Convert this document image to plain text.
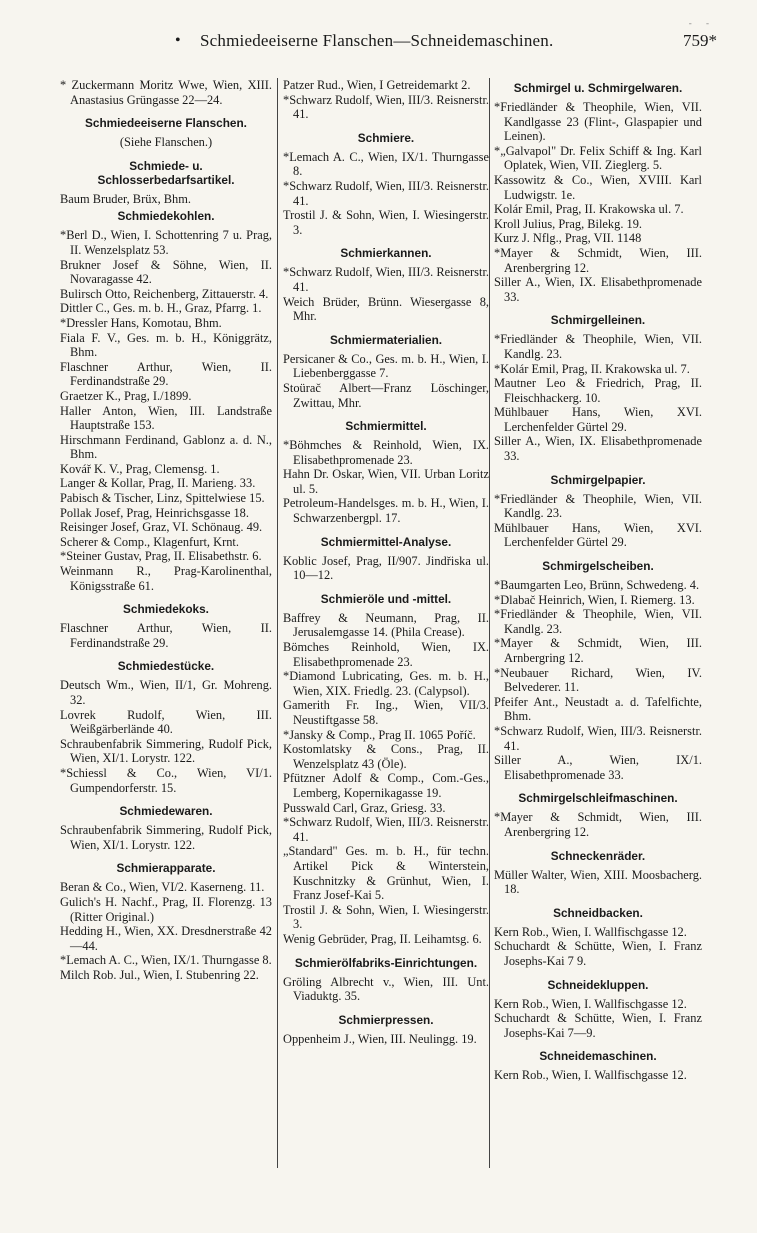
- -
• Schmiedeeiserne Flanschen—Schneidemaschinen.	759*
* Zuckermann Moritz Wwe, Wien, XIII. Anastasius Grüngasse 22—24.
Schmiedeeiserne Flanschen.
(Siehe Flanschen.)
Schmiede- u. Schlosserbedarfsartikel.
Baum Bruder, Brüx, Bhm.
Schmiedekohlen.
*Berl D., Wien, I. Schottenring 7 u. Prag, II. Wenzelsplatz 53.
Brukner Josef & Söhne, Wien, II. Novaragasse 42.
Bulirsch Otto, Reichenberg, Zittauerstr. 4.
Dittler C., Ges. m. b. H., Graz, Pfarrg. 1.
*Dressler Hans, Komotau, Bhm.
Fiala F. V., Ges. m. b. H., Königgrätz, Bhm.
Flaschner Arthur, Wien, II. Ferdinandstraße 29.
Graetzer K., Prag, I./1899.
Haller Anton, Wien, III. Landstraße Hauptstraße 153.
Hirschmann Ferdinand, Gablonz a. d. N., Bhm.
Kovář K. V., Prag, Clemensg. 1.
Langer & Kollar, Prag, II. Marieng. 33.
Pabisch & Tischer, Linz, Spittelwiese 15.
Pollak Josef, Prag, Heinrichsgasse 18.
Reisinger Josef, Graz, VI. Schönaug. 49.
Scherer & Comp., Klagenfurt, Krnt.
*Steiner Gustav, Prag, II. Elisabethstr. 6.
Weinmann R., Prag-Karolinenthal, Königsstraße 61.
Schmiedekoks.
Flaschner Arthur, Wien, II. Ferdinandstraße 29.
Schmiedestücke.
Deutsch Wm., Wien, II/1, Gr. Mohreng. 32.
Lovrek Rudolf, Wien, III. Weißgärberlände 40.
Schraubenfabrik Simmering, Rudolf Pick, Wien, XI/1. Lorystr. 122.
*Schiessl & Co., Wien, VI/1. Gumpendorferstr. 15.
Schmiedewaren.
Schraubenfabrik Simmering, Rudolf Pick, Wien, XI/1. Lorystr. 122.
Schmierapparate.
Beran & Co., Wien, VI/2. Kaserneng. 11.
Gulich's H. Nachf., Prag, II. Florenzg. 13 (Ritter Original.)
Hedding H., Wien, XX. Dresdnerstraße 42—44.
*Lemach A. C., Wien, IX/1. Thurngasse 8.
Milch Rob. Jul., Wien, I. Stubenring 22.
Patzer Rud., Wien, I Getreidemarkt 2.
*Schwarz Rudolf, Wien, III/3. Reisnerstr. 41.
Schmiere.
*Lemach A. C., Wien, IX/1. Thurngasse 8.
*Schwarz Rudolf, Wien, III/3. Reisnerstr. 41.
Trostil J. & Sohn, Wien, I. Wiesingerstr. 3.
Schmierkannen.
*Schwarz Rudolf, Wien, III/3. Reisnerstr. 41.
Weich Brüder, Brünn. Wiesergasse 8, Mhr.
Schmiermaterialien.
Persicaner & Co., Ges. m. b. H., Wien, I. Liebenberggasse 7.
Stoürač Albert—Franz Löschinger, Zwittau, Mhr.
Schmiermittel.
*Böhmches & Reinhold, Wien, IX. Elisabethpromenade 23.
Hahn Dr. Oskar, Wien, VII. Urban Loritz ul. 5.
Petroleum-Handelsges. m. b. H., Wien, I. Schwarzenbergpl. 17.
Schmiermittel-Analyse.
Koblic Josef, Prag, II/907. Jindřiska ul. 10—12.
Schmieröle und -mittel.
Baffrey & Neumann, Prag, II. Jerusalemgasse 14. (Phila Crease).
Bömches Reinhold, Wien, IX. Elisabethpromenade 23.
*Diamond Lubricating, Ges. m. b. H., Wien, XIX. Friedlg. 23. (Calypsol).
Gamerith Fr. Ing., Wien, VII/3. Neustiftgasse 58.
*Jansky & Comp., Prag II. 1065 Poříč.
Kostomlatsky & Cons., Prag, II. Wenzelsplatz 43 (Öle).
Pfützner Adolf & Comp., Com.-Ges., Lemberg, Kopernikagasse 19.
Pusswald Carl, Graz, Griesg. 33.
*Schwarz Rudolf, Wien, III/3. Reisnerstr. 41.
„Standard" Ges. m. b. H., für techn. Artikel Pick & Winterstein, Kuschnitzky & Grünhut, Wien, I. Franz Josef-Kai 5.
Trostil J. & Sohn, Wien, I. Wiesingerstr. 3.
Wenig Gebrüder, Prag, II. Leihamtsg. 6.
Schmierölfabriks-Einrichtungen.
Gröling Albrecht v., Wien, III. Unt. Viaduktg. 35.
Schmierpressen.
Oppenheim J., Wien, III. Neulingg. 19.
Schmirgel u. Schmirgelwaren.
*Friedländer & Theophile, Wien, VII. Kandlgasse 23 (Flint-, Glaspapier und Leinen).
*„Galvapol" Dr. Felix Schiff & Ing. Karl Oplatek, Wien, VII. Zieglerg. 5.
Kassowitz & Co., Wien, XVIII. Karl Ludwigstr. 1e.
Kolár Emil, Prag, II. Krakowska ul. 7.
Kroll Julius, Prag, Bilekg. 19.
Kurz J. Nflg., Prag, VII. 1148
*Mayer & Schmidt, Wien, III. Arenbergring 12.
Siller A., Wien, IX. Elisabethpromenade 33.
Schmirgelleinen.
*Friedländer & Theophile, Wien, VII. Kandlg. 23.
*Kolár Emil, Prag, II. Krakowska ul. 7.
Mautner Leo & Friedrich, Prag, II. Fleischhackerg. 10.
Mühlbauer Hans, Wien, XVI. Lerchenfelder Gürtel 29.
Siller A., Wien, IX. Elisabethpromenade 33.
Schmirgelpapier.
*Friedländer & Theophile, Wien, VII. Kandlg. 23.
Mühlbauer Hans, Wien, XVI. Lerchenfelder Gürtel 29.
Schmirgelscheiben.
*Baumgarten Leo, Brünn, Schwedeng. 4.
*Dlabač Heinrich, Wien, I. Riemerg. 13.
*Friedländer & Theophile, Wien, VII. Kandlg. 23.
*Mayer & Schmidt, Wien, III. Arnbergring 12.
*Neubauer Richard, Wien, IV. Belvederег. 11.
Pfeifer Ant., Neustadt a. d. Tafelfichte, Bhm.
*Schwarz Rudolf, Wien, III/3. Reisnerstr. 41.
Siller A., Wien, IX/1. Elisabethpromenade 33.
Schmirgelschleifmaschinen.
*Mayer & Schmidt, Wien, III. Arenbergring 12.
Schneckenräder.
Müller Walter, Wien, XIII. Moosbacherg. 18.
Schneidbacken.
Kern Rob., Wien, I. Wallfischgasse 12.
Schuchardt & Schütte, Wien, I. Franz Josephs-Kai 7 9.
Schneidekluppen.
Kern Rob., Wien, I. Wallfischgasse 12.
Schuchardt & Schütte, Wien, I. Franz Josephs-Kai 7—9.
Schneidemaschinen.
Kern Rob., Wien, I. Wallfischgasse 12.
